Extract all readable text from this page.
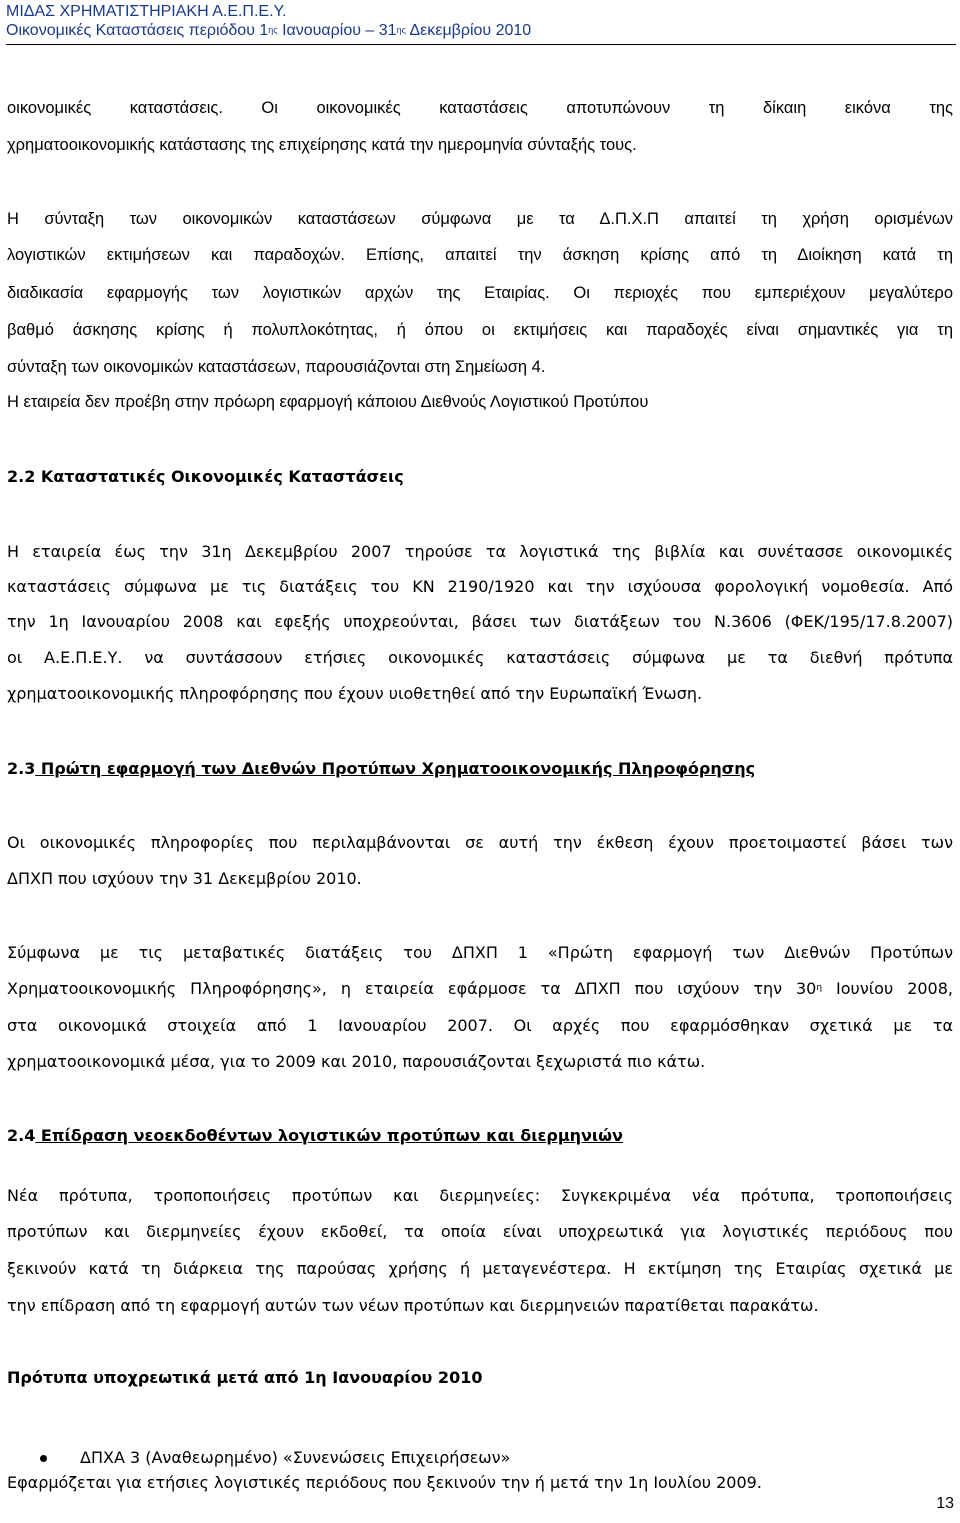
ΜΙΔΑΣ ΧΡΗΜΑΤΙΣΤΗΡΙΑΚΗ Α.Ε.Π.Ε.Υ.
Οικονομικές Καταστάσεις περιόδου $1^{\eta\varsigma}$ Ιανουαρίου – $31^{\eta\varsigma}$ Δεκεμβρίου 2010
οικονομικές καταστάσεις. Οι οικονομικές καταστάσεις αποτυπώνουν τη δίκαιη εικόνα της
χρηματοοικονομικής κατάστασης της επιχείρησης κατά την ημερομηνία σύνταξής τους.
Η σύνταξη των οικονομικών καταστάσεων σύμφωνα με τα Δ.Π.Χ.Π απαιτεί τη χρήση ορισμένων
λογιστικών εκτιμήσεων και παραδοχών. Επίσης, απαιτεί την άσκηση κρίσης από τη Διοίκηση κατά τη
διαδικασία εφαρμογής των λογιστικών αρχών της Εταιρίας. Οι περιοχές που εμπεριέχουν μεγαλύτερο
βαθμό άσκησης κρίσης ή πολυπλοκότητας, ή όπου οι εκτιμήσεις και παραδοχές είναι σημαντικές για τη
σύνταξη των οικονομικών καταστάσεων, παρουσιάζονται στη Σημείωση 4.
Η εταιρεία δεν προέβη στην πρόωρη εφαρμογή κάποιου Διεθνούς Λογιστικού Προτύπου
2.2 Καταστατικές Οικονομικές Καταστάσεις
Η εταιρεία έως την 31η Δεκεμβρίου 2007 τηρούσε τα λογιστικά της βιβλία και συνέτασσε οικονομικές
καταστάσεις σύμφωνα με τις διατάξεις του ΚΝ 2190/1920 και την ισχύουσα φορολογική νομοθεσία. Από
την 1η Ιανουαρίου 2008 και εφεξής υποχρεούνται, βάσει των διατάξεων του Ν.3606 (ΦΕΚ/195/17.8.2007)
οι Α.Ε.Π.Ε.Υ. να συντάσσουν ετήσιες οικονομικές καταστάσεις σύμφωνα με τα διεθνή πρότυπα
χρηματοοικονομικής πληροφόρησης που έχουν υιοθετηθεί από την Ευρωπαϊκή Ένωση.
2.3 Πρώτη εφαρμογή των Διεθνών Προτύπων Χρηματοοικονομικής Πληροφόρησης
Οι οικονομικές πληροφορίες που περιλαμβάνονται σε αυτή την έκθεση έχουν προετοιμαστεί βάσει των
ΔΠΧΠ που ισχύουν την 31 Δεκεμβρίου 2010.
Σύμφωνα με τις μεταβατικές διατάξεις του ΔΠΧΠ 1 «Πρώτη εφαρμογή των Διεθνών Προτύπων
Χρηματοοικονομικής Πληροφόρησης», η εταιρεία εφάρμοσε τα ΔΠΧΠ που ισχύουν την $30^\eta$ Ιουνίου 2008,
στα οικονομικά στοιχεία από 1 Ιανουαρίου 2007. Οι αρχές που εφαρμόσθηκαν σχετικά με τα
χρηματοοικονομικά μέσα, για το 2009 και 2010, παρουσιάζονται ξεχωριστά πιο κάτω.
2.4 Επίδραση νεοεκδοθέντων λογιστικών προτύπων και διερμηνιών
Νέα πρότυπα, τροποποιήσεις προτύπων και διερμηνείες: Συγκεκριμένα νέα πρότυπα, τροποποιήσεις
προτύπων και διερμηνείες έχουν εκδοθεί, τα οποία είναι υποχρεωτικά για λογιστικές περιόδους που
ξεκινούν κατά τη διάρκεια της παρούσας χρήσης ή μεταγενέστερα. Η εκτίμηση της Εταιρίας σχετικά με
την επίδραση από τη εφαρμογή αυτών των νέων προτύπων και διερμηνειών παρατίθεται παρακάτω.
Πρότυπα υποχρεωτικά μετά από 1η Ιανουαρίου 2010
ΔΠΧΑ 3 (Αναθεωρημένο) «Συνενώσεις Επιχειρήσεων»
Εφαρμόζεται για ετήσιες λογιστικές περιόδους που ξεκινούν την ή μετά την 1η Ιουλίου 2009.
13
